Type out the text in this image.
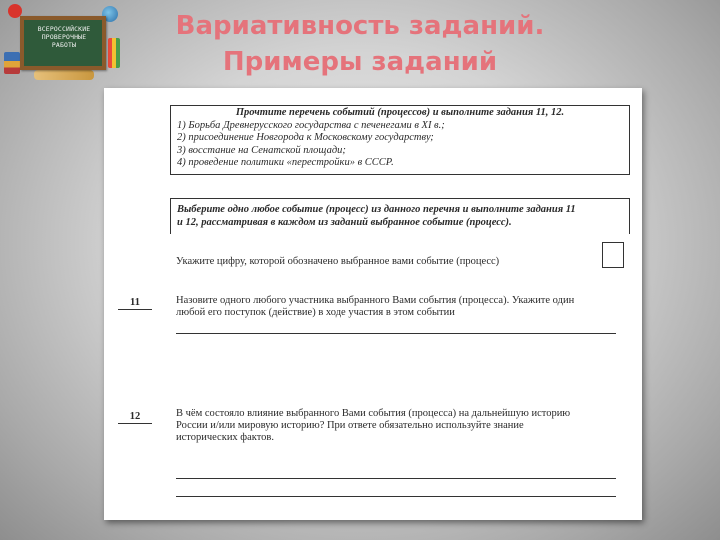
ВСЕРОССИЙСКИЕ
ПРОВЕРОЧНЫЕ
РАБОТЫ
Вариативность заданий.
Примеры заданий
Прочтите перечень событий (процессов) и выполните задания 11, 12.
1) Борьба Древнерусского государства с печенегами в XI в.;
2) присоединение Новгорода к Московскому государству;
3) восстание на Сенатской площади;
4) проведение политики «перестройки» в СССР.
Выберите одно любое событие (процесс) из данного перечня и выполните задания 11
и 12, рассматривая в каждом из заданий выбранное событие (процесс).
Укажите цифру, которой обозначено выбранное вами событие (процесс)
11	Назовите одного любого участника выбранного Вами события (процесса). Укажите один
любой его поступок (действие) в ходе участия в этом событии
12	В чём состояло влияние выбранного Вами события (процесса) на дальнейшую историю
России и/или мировую историю? При ответе обязательно используйте знание
исторических фактов.
